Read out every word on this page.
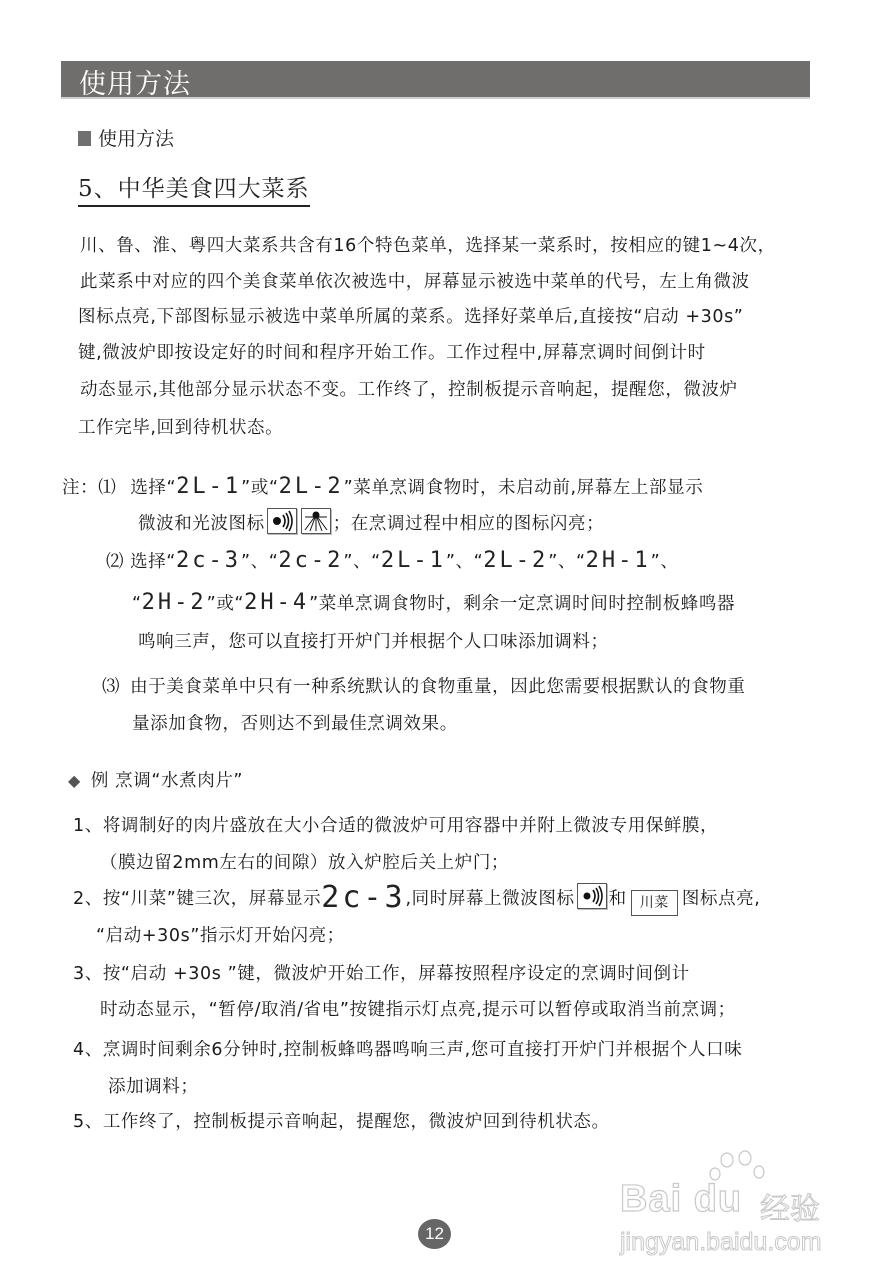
使用方法
使用方法
5、中华美食四大菜系
川、鲁、淮、粤四大菜系共含有16个特色菜单，选择某一菜系时，按相应的键1~4次，
此菜系中对应的四个美食菜单依次被选中，屏幕显示被选中菜单的代号，左上角微波
图标点亮,下部图标显示被选中菜单所属的菜系。选择好菜单后,直接按“启动 +30s”
键,微波炉即按设定好的时间和程序开始工作。工作过程中,屏幕烹调时间倒计时
动态显示,其他部分显示状态不变。工作终了，控制板提示音响起，提醒您，微波炉
工作完毕,回到待机状态。
注：⑴ 选择“2L-1”或“2L-2”菜单烹调食物时，未启动前,屏幕左上部显示
微波和光波图标	；在烹调过程中相应的图标闪亮；
⑵ 选择“2c-3”、“2c-2”、“2L-1”、“2L-2”、“2H-1”、
“2H-2”或“2H-4”菜单烹调食物时，剩余一定烹调时间时控制板蜂鸣器
鸣响三声，您可以直接打开炉门并根据个人口味添加调料；
⑶ 由于美食菜单中只有一种系统默认的食物重量，因此您需要根据默认的食物重
量添加食物，否则达不到最佳烹调效果。
◆ 例 烹调“水煮肉片”
1、将调制好的肉片盛放在大小合适的微波炉可用容器中并附上微波专用保鲜膜，
（膜边留2mm左右的间隙）放入炉腔后关上炉门；
2、按“川菜”键三次，屏幕显示2c-3,同时屏幕上微波图标 和 川菜 图标点亮,
“启动+30s”指示灯开始闪亮；
3、按“启动 +30s ”键，微波炉开始工作，屏幕按照程序设定的烹调时间倒计
时动态显示，“暂停/取消/省电”按键指示灯点亮,提示可以暂停或取消当前烹调；
4、烹调时间剩余6分钟时,控制板蜂鸣器鸣响三声,您可直接打开炉门并根据个人口味
添加调料；
5、工作终了，控制板提示音响起，提醒您，微波炉回到待机状态。
12
Bai du 经验
jingyan.baidu.com
